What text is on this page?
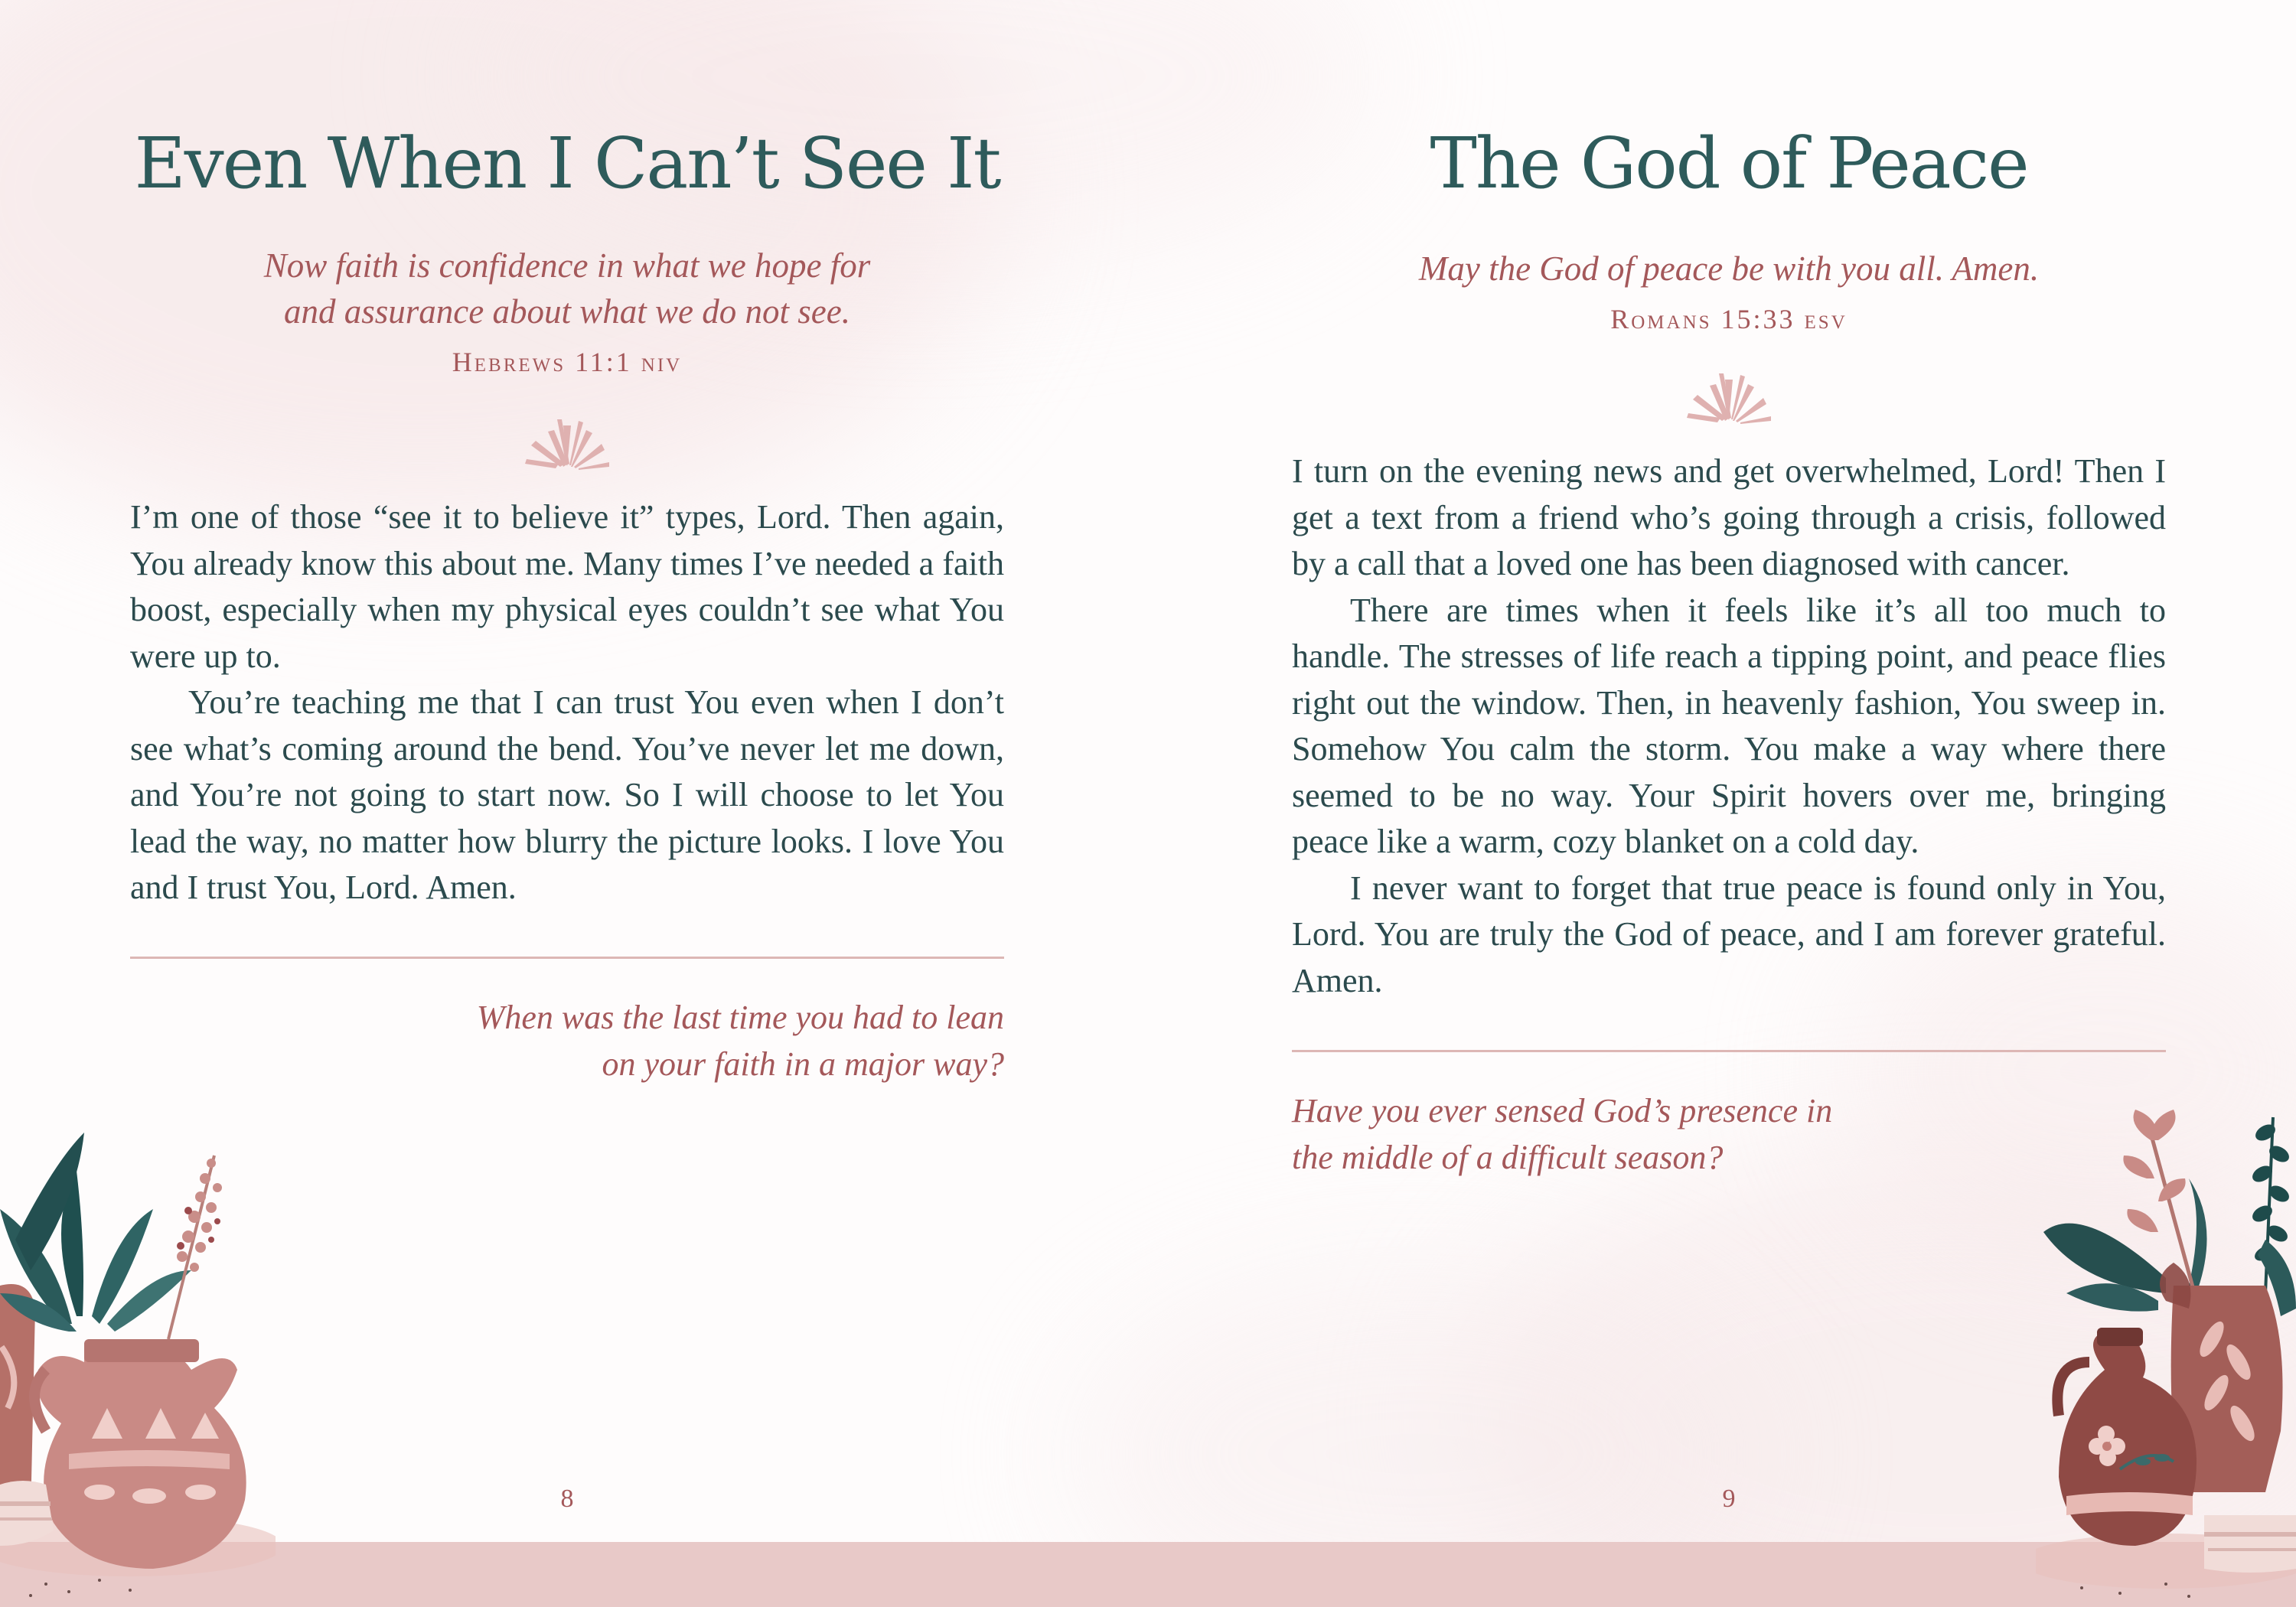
Even When I Can’t See It
Now faith is confidence in what we hope for
and assurance about what we do not see.
Hebrews 11:1 niv

I’m one of those “see it to believe it” types, Lord. Then again, You already know this about me. Many times I’ve needed a faith boost, especially when my physical eyes couldn’t see what You were up to.

You’re teaching me that I can trust You even when I don’t see what’s coming around the bend. You’ve never let me down, and You’re not going to start now. So I will choose to let You lead the way, no matter how blurry the picture looks. I love You and I trust You, Lord. Amen.

When was the last time you had to lean
on your faith in a major way?
8
The God of Peace
May the God of peace be with you all. Amen.
Romans 15:33 esv

I turn on the evening news and get overwhelmed, Lord! Then I get a text from a friend who’s going through a crisis, followed by a call that a loved one has been diagnosed with cancer.

There are times when it feels like it’s all too much to handle. The stresses of life reach a tipping point, and peace flies right out the window. Then, in heavenly fashion, You sweep in. Somehow You calm the storm. You make a way where there seemed to be no way. Your Spirit hovers over me, bringing peace like a warm, cozy blanket on a cold day.

I never want to forget that true peace is found only in You, Lord. You are truly the God of peace, and I am forever grateful. Amen.

Have you ever sensed God’s presence in
the middle of a difficult season?
9
